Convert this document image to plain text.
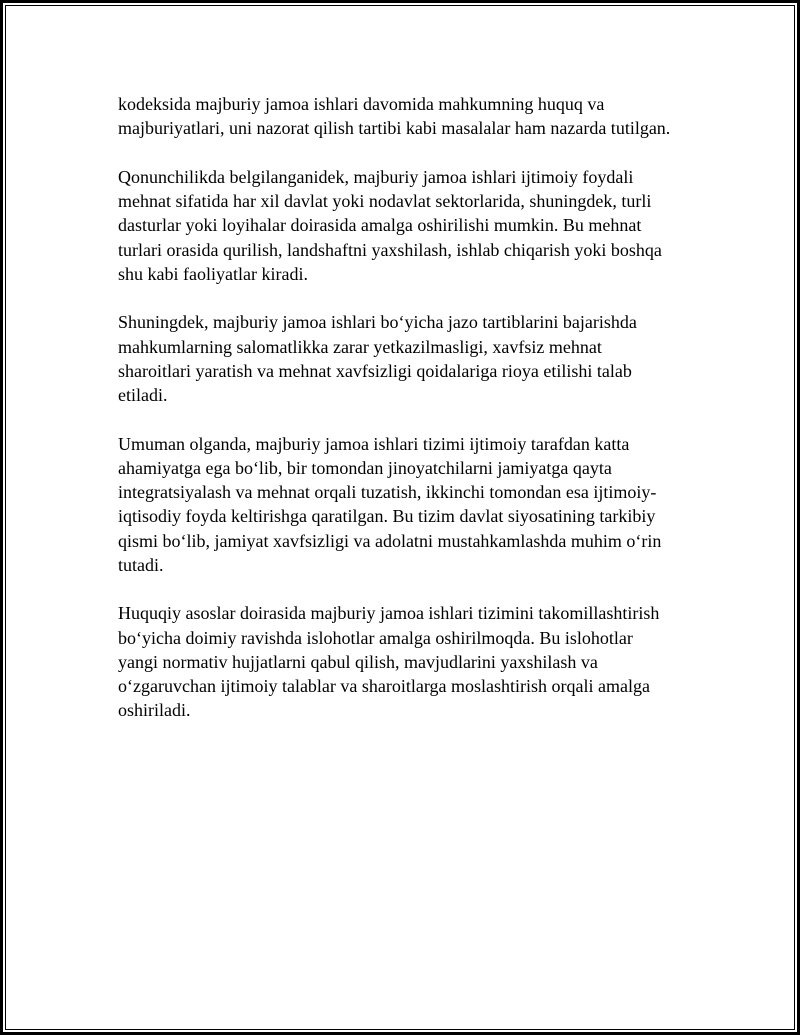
kodeksida majburiy jamoa ishlari davomida mahkumning huquq va
majburiyatlari, uni nazorat qilish tartibi kabi masalalar ham nazarda tutilgan.

Qonunchilikda belgilanganidek, majburiy jamoa ishlari ijtimoiy foydali
mehnat sifatida har xil davlat yoki nodavlat sektorlarida, shuningdek, turli
dasturlar yoki loyihalar doirasida amalga oshirilishi mumkin. Bu mehnat
turlari orasida qurilish, landshaftni yaxshilash, ishlab chiqarish yoki boshqa
shu kabi faoliyatlar kiradi.

Shuningdek, majburiy jamoa ishlari bo‘yicha jazo tartiblarini bajarishda
mahkumlarning salomatlikka zarar yetkazilmasligi, xavfsiz mehnat
sharoitlari yaratish va mehnat xavfsizligi qoidalariga rioya etilishi talab
etiladi.

Umuman olganda, majburiy jamoa ishlari tizimi ijtimoiy tarafdan katta
ahamiyatga ega bo‘lib, bir tomondan jinoyatchilarni jamiyatga qayta
integratsiyalash va mehnat orqali tuzatish, ikkinchi tomondan esa ijtimoiy-
iqtisodiy foyda keltirishga qaratilgan. Bu tizim davlat siyosatining tarkibiy
qismi bo‘lib, jamiyat xavfsizligi va adolatni mustahkamlashda muhim o‘rin
tutadi.

Huquqiy asoslar doirasida majburiy jamoa ishlari tizimini takomillashtirish
bo‘yicha doimiy ravishda islohotlar amalga oshirilmoqda. Bu islohotlar
yangi normativ hujjatlarni qabul qilish, mavjudlarini yaxshilash va
o‘zgaruvchan ijtimoiy talablar va sharoitlarga moslashtirish orqali amalga
oshiriladi.
